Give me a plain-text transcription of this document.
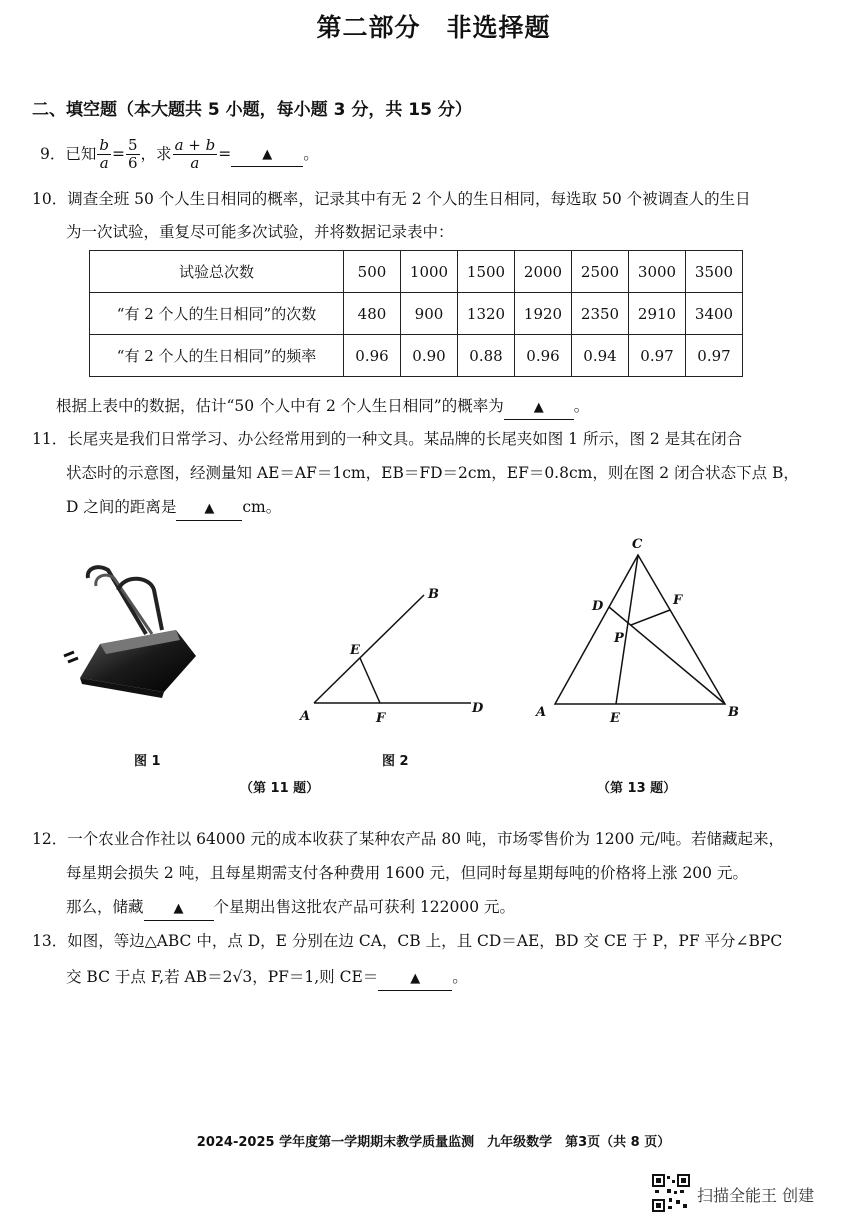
第二部分　非选择题
二、填空题（本大题共 5 小题，每小题 3 分，共 15 分）
9． 已知 $\frac{b}{a} = \frac{5}{6}$ ，求 $\frac{a + b}{a}$ =	▲	。
10．调查全班 50 个人生日相同的概率，记录其中有无 2 个人的生日相同，每选取 50 个被调查人的生日
为一次试验，重复尽可能多次试验，并将数据记录表中：
试验总次数	500	1000	1500	2000	2500	3000	3500
“有 2 个人的生日相同”的次数	480	900	1320	1920	2350	2910	3400
“有 2 个人的生日相同”的频率	0.96	0.90	0.88	0.96	0.94	0.97	0.97
根据上表中的数据，估计“50 个人中有 2 个人生日相同”的概率为 ▲ 。
11．长尾夹是我们日常学习、办公经常用到的一种文具。某品牌的长尾夹如图 1 所示，图 2 是其在闭合
状态时的示意图，经测量知 AE＝AF＝1cm，EB＝FD＝2cm，EF＝0.8cm，则在图 2 闭合状态下点 B，
D 之间的距离是 ▲ cm。
A
B
D
E
F
图 1	图 2
（第 11 题）
A	B
C
D
E
F
P
（第 13 题）
12．一个农业合作社以 64000 元的成本收获了某种农产品 80 吨，市场零售价为 1200 元/吨。若储藏起来，
每星期会损失 2 吨，且每星期需支付各种费用 1600 元，但同时每星期每吨的价格将上涨 200 元。
那么，储藏 ▲ 个星期出售这批农产品可获利 122000 元。
13．如图，等边△ABC 中，点 D，E 分别在边 CA，CB 上，且 CD＝AE，BD 交 CE 于 P，PF 平分∠BPC
交 BC 于点 F,若 AB＝2√3，PF＝1,则 CE＝ ▲ 。
2024-2025 学年度第一学期期末教学质量监测　九年级数学　第3页（共 8 页）
扫描全能王 创建
